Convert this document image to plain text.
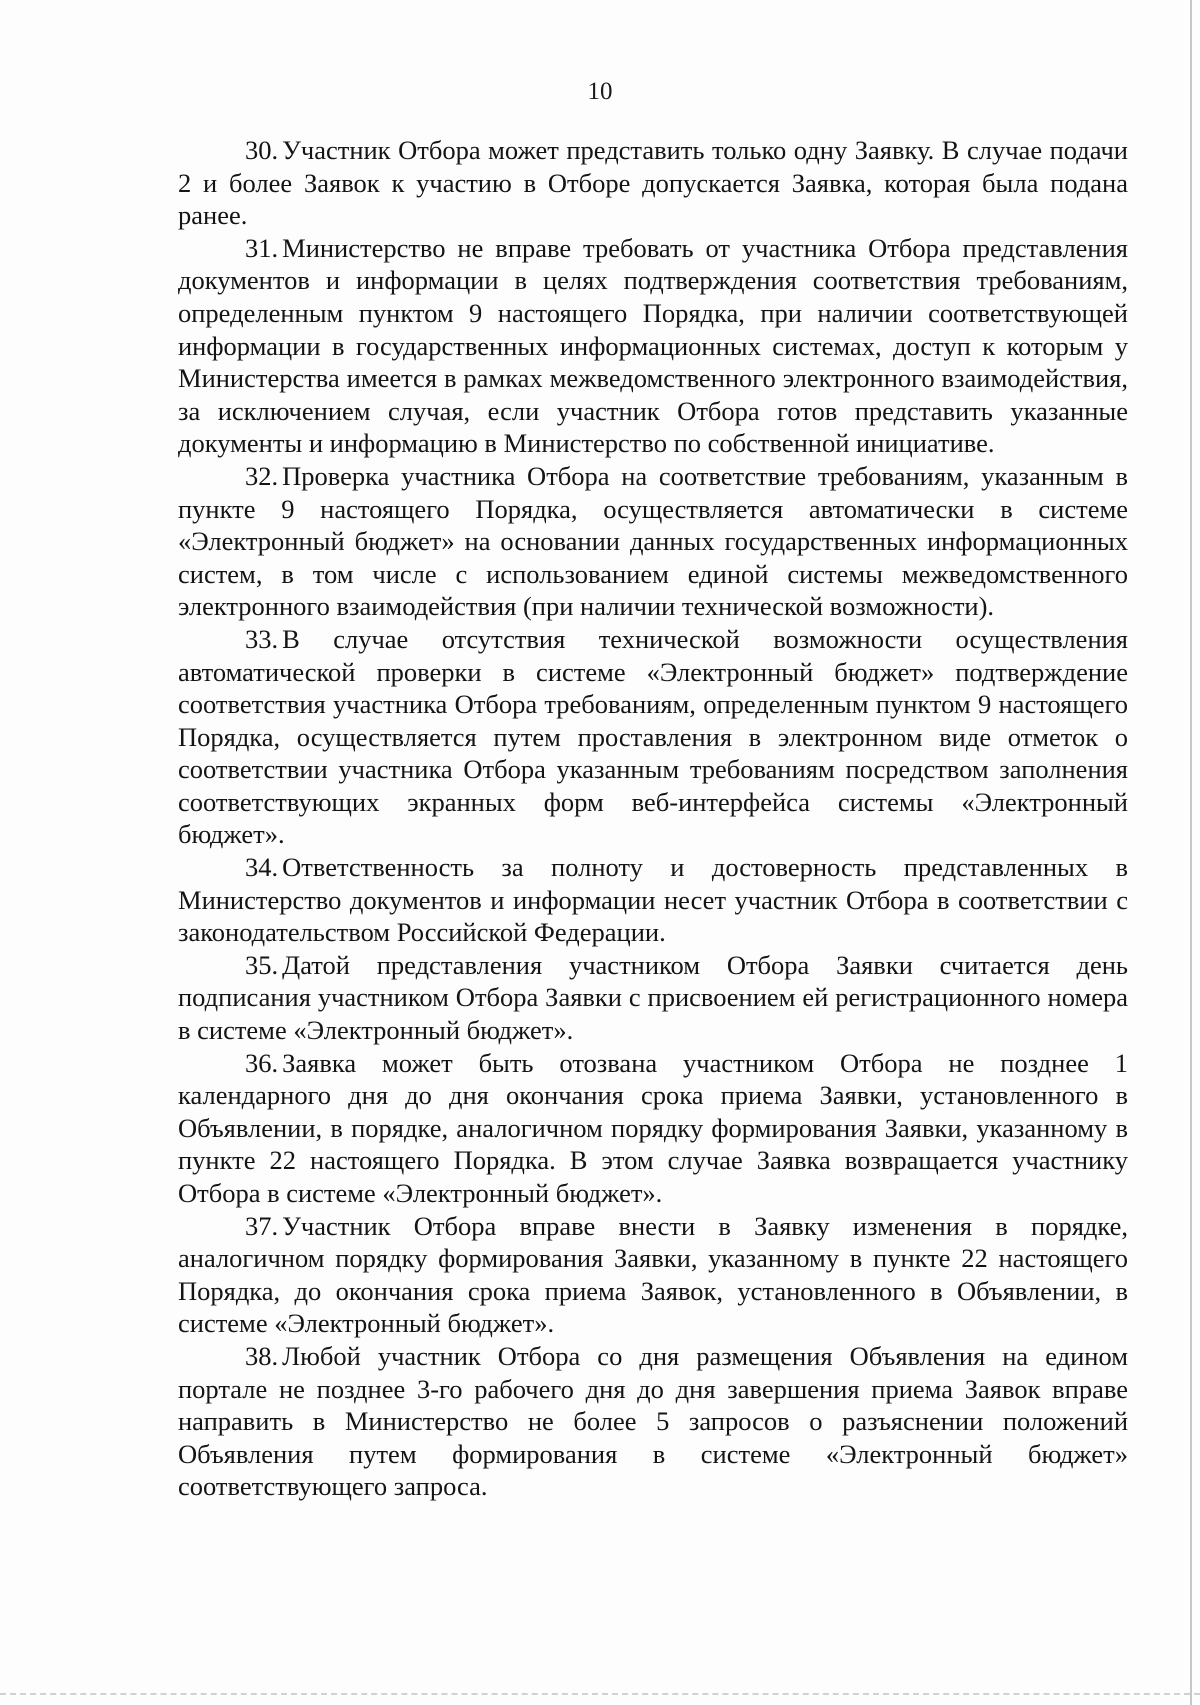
10

30. Участник Отбора может представить только одну Заявку. В случае подачи 2 и более Заявок к участию в Отборе допускается Заявка, которая была подана ранее.

31. Министерство не вправе требовать от участника Отбора представления документов и информации в целях подтверждения соответствия требованиям, определенным пунктом 9 настоящего Порядка, при наличии соответствующей информации в государственных информационных системах, доступ к которым у Министерства имеется в рамках межведомственного электронного взаимодействия, за исключением случая, если участник Отбора готов представить указанные документы и информацию в Министерство по собственной инициативе.

32. Проверка участника Отбора на соответствие требованиям, указанным в пункте 9 настоящего Порядка, осуществляется автоматически в системе «Электронный бюджет» на основании данных государственных информационных систем, в том числе с использованием единой системы межведомственного электронного взаимодействия (при наличии технической возможности).

33. В случае отсутствия технической возможности осуществления автоматической проверки в системе «Электронный бюджет» подтверждение соответствия участника Отбора требованиям, определенным пунктом 9 настоящего Порядка, осуществляется путем проставления в электронном виде отметок о соответствии участника Отбора указанным требованиям посредством заполнения соответствующих экранных форм веб-интерфейса системы «Электронный бюджет».

34. Ответственность за полноту и достоверность представленных в Министерство документов и информации несет участник Отбора в соответствии с законодательством Российской Федерации.

35. Датой представления участником Отбора Заявки считается день подписания участником Отбора Заявки с присвоением ей регистрационного номера в системе «Электронный бюджет».

36. Заявка может быть отозвана участником Отбора не позднее 1 календарного дня до дня окончания срока приема Заявки, установленного в Объявлении, в порядке, аналогичном порядку формирования Заявки, указанному в пункте 22 настоящего Порядка. В этом случае Заявка возвращается участнику Отбора в системе «Электронный бюджет».

37. Участник Отбора вправе внести в Заявку изменения в порядке, аналогичном порядку формирования Заявки, указанному в пункте 22 настоящего Порядка, до окончания срока приема Заявок, установленного в Объявлении, в системе «Электронный бюджет».

38. Любой участник Отбора со дня размещения Объявления на едином портале не позднее 3-го рабочего дня до дня завершения приема Заявок вправе направить в Министерство не более 5 запросов о разъяснении положений Объявления путем формирования в системе «Электронный бюджет» соответствующего запроса.
